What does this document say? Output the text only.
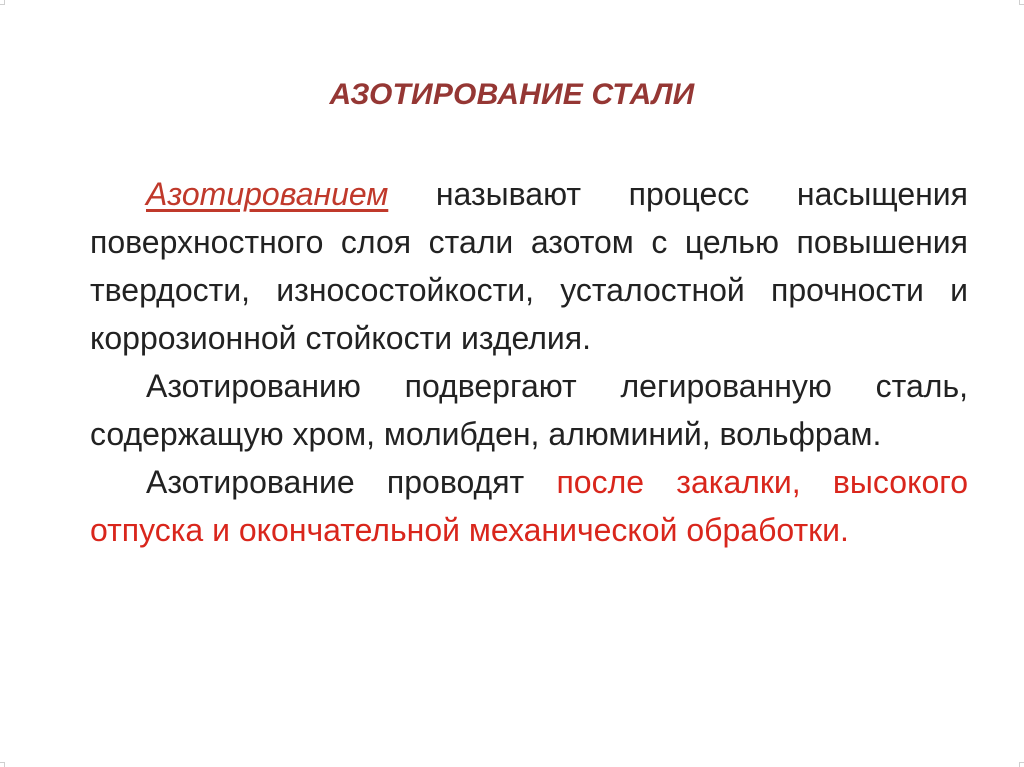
АЗОТИРОВАНИЕ СТАЛИ

Азотированием называют процесс насыщения поверхностного слоя стали азотом с целью повышения твердости, износостойкости, усталостной прочности и коррозионной стойкости изделия.

Азотированию подвергают легированную сталь, содержащую хром, молибден, алюминий, вольфрам.

Азотирование проводят после закалки, высокого отпуска и окончательной механической обработки.
